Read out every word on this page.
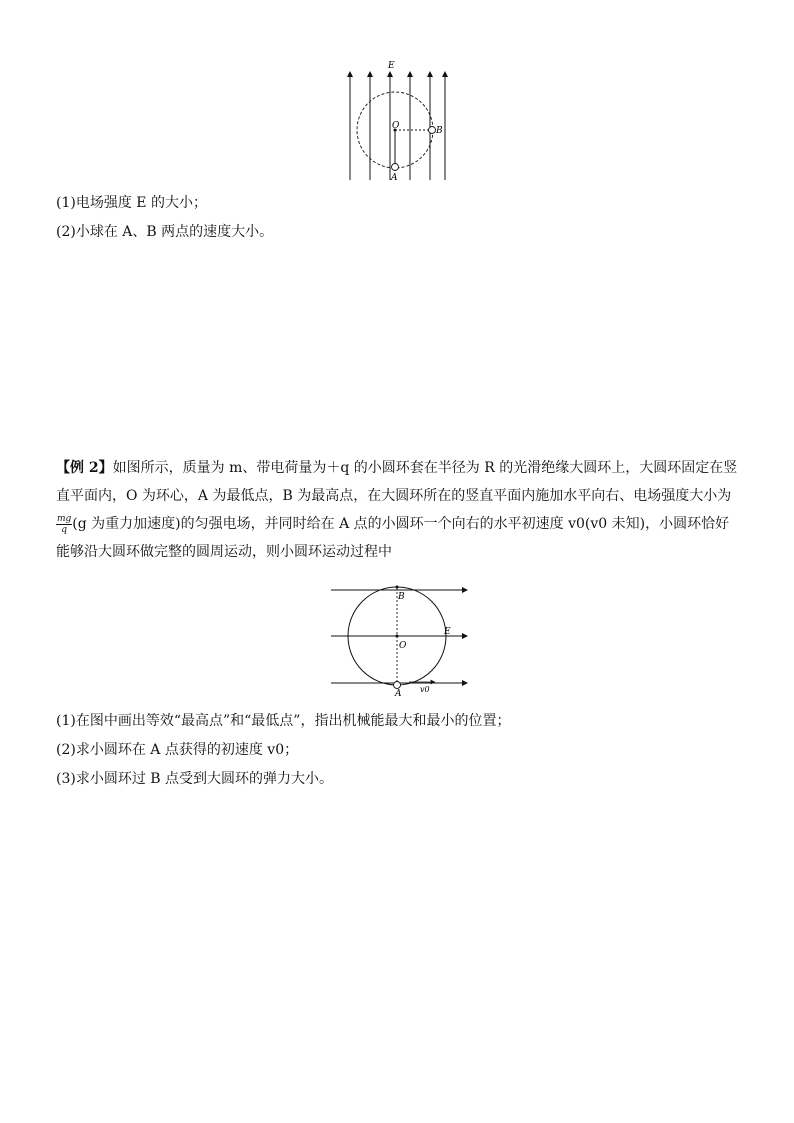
E
O	B
A
(1)电场强度 E 的大小；
(2)小球在 A、B 两点的速度大小。
【例 2】如图所示，质量为 m、带电荷量为＋q 的小圆环套在半径为 R 的光滑绝缘大圆环上，大圆环固定在竖直平面内，O 为环心，A 为最低点，B 为最高点，在大圆环所在的竖直平面内施加水平向右、电场强度大小为
$\frac{mg}{q} (g$ 为重力加速度)的匀强电场，并同时给在 A 点的小圆环一个向右的水平初速度 v0(v0 未知)，小圆环恰好能够沿大圆环做完整的圆周运动，则小圆环运动过程中
B
O
E
A v0
(1)在图中画出等效“最高点”和“最低点”，指出机械能最大和最小的位置；
(2)求小圆环在 A 点获得的初速度 v0；
(3)求小圆环过 B 点受到大圆环的弹力大小。
